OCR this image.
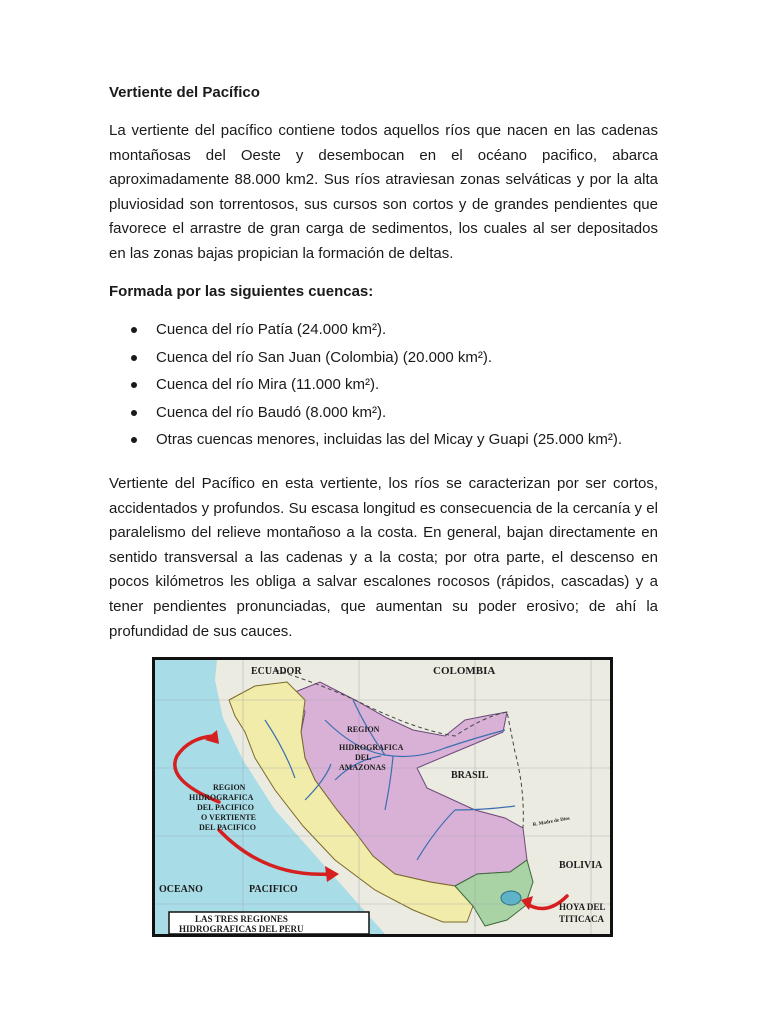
Vertiente del Pacífico

La vertiente del pacífico contiene todos aquellos ríos que nacen en las cadenas montañosas del Oeste y desembocan en el océano pacifico, abarca aproximadamente 88.000 km2. Sus ríos atraviesan zonas selváticas y por la alta pluviosidad son torrentosos, sus cursos son cortos y de grandes pendientes que favorece el arrastre de gran carga de sedimentos, los cuales al ser depositados en las zonas bajas propician la formación de deltas.

Formada por las siguientes cuencas:
Cuenca del río Patía (24.000 km²).
Cuenca del río San Juan (Colombia) (20.000 km²).
Cuenca del río Mira (11.000 km²).
Cuenca del río Baudó (8.000 km²).
Otras cuencas menores, incluidas las del Micay y Guapi (25.000 km²).

Vertiente del Pacífico en esta vertiente, los ríos se caracterizan por ser cortos, accidentados y profundos. Su escasa longitud es consecuencia de la cercanía y el paralelismo del relieve montañoso a la costa. En general, bajan directamente en sentido transversal a las cadenas y a la costa; por otra parte, el descenso en pocos kilómetros les obliga a salvar escalones rocosos (rápidos, cascadas) y a tener pendientes pronunciadas, que aumentan su poder erosivo; de ahí la profundidad de sus cauces.

ECUADOR	COLOMBIA
BRASIL
BOLIVIA
OCEANO	PACIFICO
REGION
HIDROGRAFICA
DEL
AMAZONAS
REGION
HIDROGRAFICA
DEL PACIFICO
O VERTIENTE
DEL PACIFICO
HOYA DEL
TITICACA
R. Madre de Dios
LAS TRES REGIONES
HIDROGRAFICAS DEL PERU
